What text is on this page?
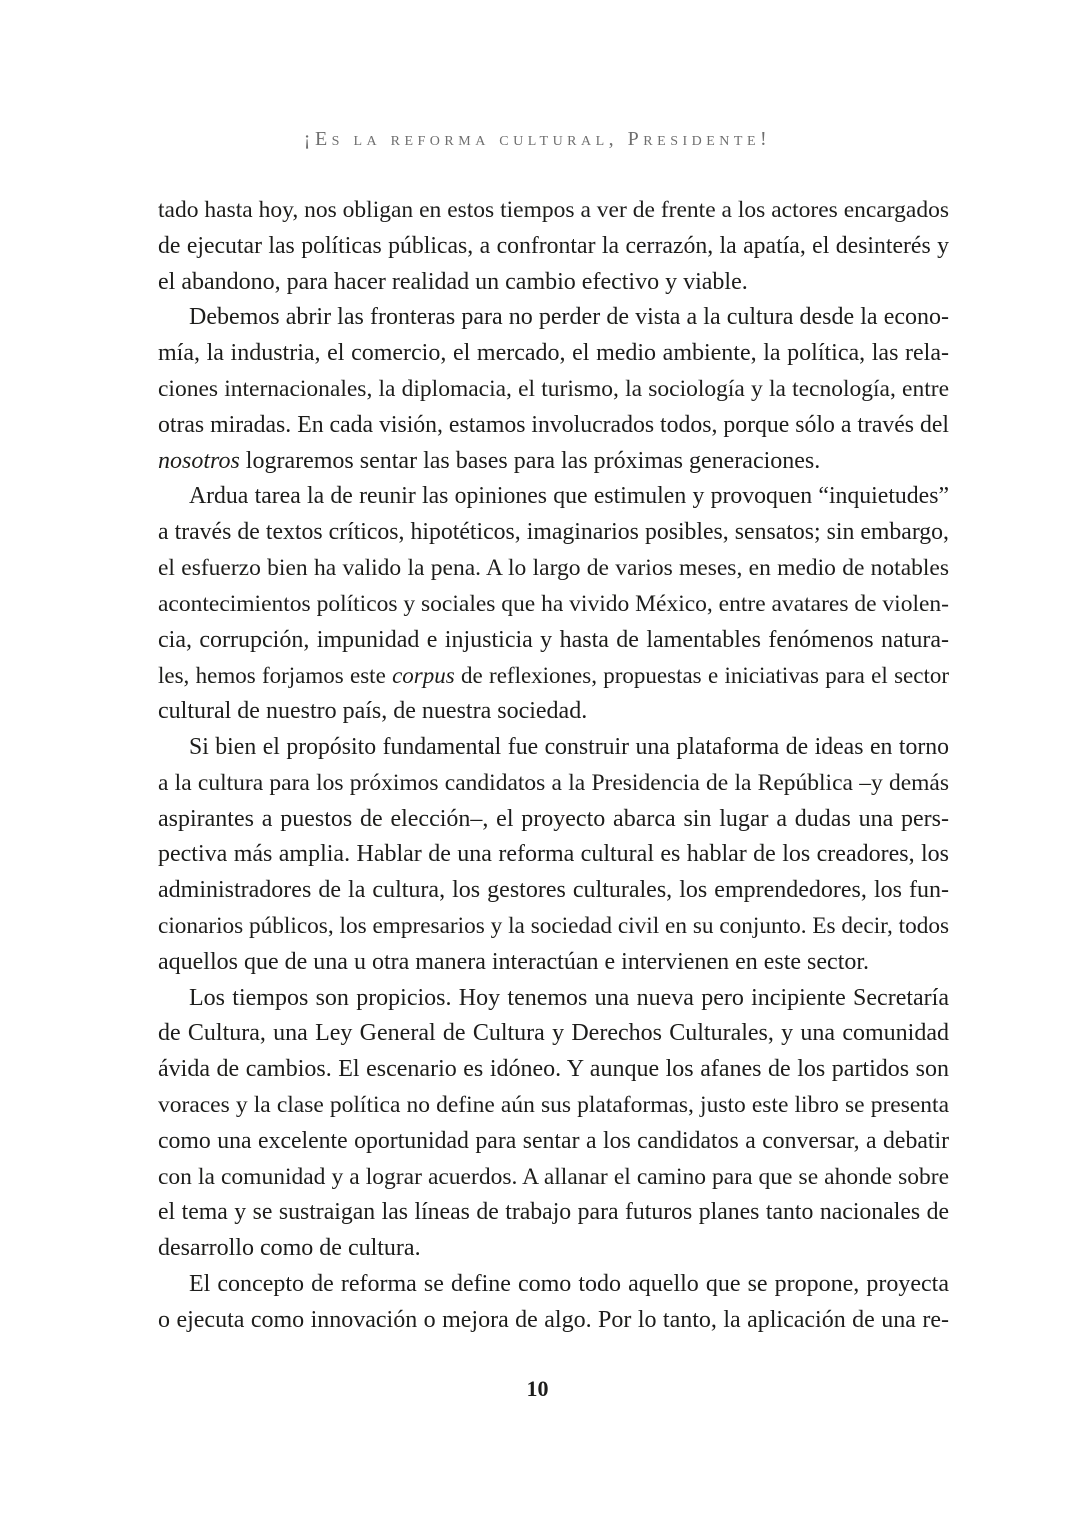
¡Es la reforma cultural, Presidente!
tado hasta hoy, nos obligan en estos tiempos a ver de frente a los actores encargados
de ejecutar las políticas públicas, a confrontar la cerrazón, la apatía, el desinterés y
el abandono, para hacer realidad un cambio efectivo y viable.
Debemos abrir las fronteras para no perder de vista a la cultura desde la econo-
mía, la industria, el comercio, el mercado, el medio ambiente, la política, las rela-
ciones internacionales, la diplomacia, el turismo, la sociología y la tecnología, entre
otras miradas. En cada visión, estamos involucrados todos, porque sólo a través del
nosotros lograremos sentar las bases para las próximas generaciones.
Ardua tarea la de reunir las opiniones que estimulen y provoquen “inquietudes”
a través de textos críticos, hipotéticos, imaginarios posibles, sensatos; sin embargo,
el esfuerzo bien ha valido la pena. A lo largo de varios meses, en medio de notables
acontecimientos políticos y sociales que ha vivido México, entre avatares de violen-
cia, corrupción, impunidad e injusticia y hasta de lamentables fenómenos natura-
les, hemos forjamos este corpus de reflexiones, propuestas e iniciativas para el sector
cultural de nuestro país, de nuestra sociedad.
Si bien el propósito fundamental fue construir una plataforma de ideas en torno
a la cultura para los próximos candidatos a la Presidencia de la República –y demás
aspirantes a puestos de elección–, el proyecto abarca sin lugar a dudas una pers-
pectiva más amplia. Hablar de una reforma cultural es hablar de los creadores, los
administradores de la cultura, los gestores culturales, los emprendedores, los fun-
cionarios públicos, los empresarios y la sociedad civil en su conjunto. Es decir, todos
aquellos que de una u otra manera interactúan e intervienen en este sector.
Los tiempos son propicios. Hoy tenemos una nueva pero incipiente Secretaría
de Cultura, una Ley General de Cultura y Derechos Culturales, y una comunidad
ávida de cambios. El escenario es idóneo. Y aunque los afanes de los partidos son
voraces y la clase política no define aún sus plataformas, justo este libro se presenta
como una excelente oportunidad para sentar a los candidatos a conversar, a debatir
con la comunidad y a lograr acuerdos. A allanar el camino para que se ahonde sobre
el tema y se sustraigan las líneas de trabajo para futuros planes tanto nacionales de
desarrollo como de cultura.
El concepto de reforma se define como todo aquello que se propone, proyecta
o ejecuta como innovación o mejora de algo. Por lo tanto, la aplicación de una re-
10
